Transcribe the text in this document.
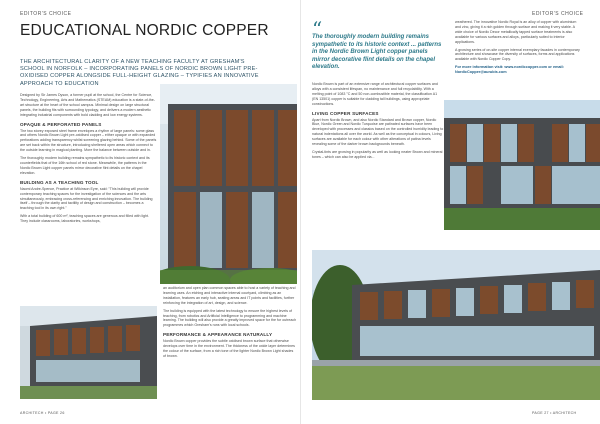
EDITOR'S CHOICE
EDUCATIONAL NORDIC COPPER
THE ARCHITECTURAL CLARITY OF A NEW TEACHING FACULTY AT GRESHAM'S SCHOOL IN NORFOLK – INCORPORATING PANELS OF NORDIC BROWN LIGHT PRE-OXIDISED COPPER ALONGSIDE FULL-HEIGHT GLAZING – TYPIFIES AN INNOVATIVE APPROACH TO EDUCATION
Designed by Sir James Dyson, a former pupil at the school, the Centre for Science, Technology, Engineering, Arts and Mathematics (STEAM) education is a state-of-the-art structure at the heart of the school campus. Minimal design on large structural panels, the building fits with surrounding typology, and delivers a modern aesthetic integrating industrial components with bold cladding and low energy systems.
OPAQUE & PERFORATED PANELS
The two storey exposed steel frame envelopes a rhythm of large panels: some glass and others Nordic Brown Light pre-oxidised copper – either opaque or with expanded perforations adding transparency whilst screening glazing behind. Some of the panels are set back within the structure, introducing sheltered open areas which connect to the outside learning in magical planting. More the balance between outside and in.
The thoroughly modern building remains sympathetic to its historic context and its counterfields that of the 16th school of red stone. Meanwhile, the patterns in the Nordic Brown Light copper panels mirror decorative flint details on the chapel elevation.
BUILDING AS A TEACHING TOOL
Naomi Andre-Spence, Practice at Wilkinson Eyre, said: "This building will provide contemporary teaching spaces for the investigation of the sciences and the arts simultaneously, embracing cross-referencing and enriching innovation. The building itself – through the clarity and tactility of design and construction – becomes a teaching tool in its own right."
With a total building of 600 m², teaching spaces are generous and filled with light. They include classrooms, laboratories, workshops,
an auditorium and open plan common spaces able to host a variety of teaching and learning uses. An etching and interactive internal courtyard, climbing as an installation, features an early hub, seating areas and IT points and facilities, further reinforcing the integration of art, design, and science.
The building is equipped with the latest technology to ensure the highest levels of teaching, from robotics and Artificial Intelligence to programming and machine learning. The building will also provide a greatly improved space for the for outreach programmes which Gresham's runs with local schools.
PERFORMANCE & APPEARANCE NATURALLY
Nordic Brown copper provides the subtle oxidised brown surface that otherwise develops over time in the environment. The thickness of the oxide layer determines the colour of the surface, from a rich tone of the lighter Nordic Brown Light shades of brown.
ARCHITECH • PAGE 26
EDITOR'S CHOICE
“
The thoroughly modern building remains sympathetic to its historic context ... patterns in the Nordic Brown Light copper panels mirror decorative flint details on the chapel elevation.
Nordic Brown is part of an extensive range of architectural copper surfaces and alloys with a consistent lifespan, no maintenance and full recyclability. With a melting point of 1083 °C and 50 non-combustible material, the classification A1 (EN 13501) copper is suitable for cladding tall buildings, using appropriate constructions.
LIVING COPPER SURFACES
Apart from Nordic Brown, and also Nordic Standard and Brown copper, Nordic Blue, Nordic Green and Nordic Turquoise are patinated surfaces have been developed with processes and classics based on the controlled humidity leading to natural indentations all over the world. As well as the conceptual in colours, Living surfaces are available for each colour with other alterations of patina levels revealing some of the darker brown backgrounds beneath.
Crystal-tints are growing in popularity as well as looking neater Brown and mineral tones – which can also be applied via...
weathered. The innovative Nordic Royal is an alloy of copper with aluminium and zinc, giving it a rich golden through surface and making it very stable. A wide choice of Nordic Decor metallically tapped surface treatments is also available for various surfaces and alloys, particularly suited to interior applications.
A growing series of on-site copper internal exemplary facades in contemporary architecture and showcase the diversity of surfaces, forms and applications available with Nordic Copper Copy.
For more information visit: www.nordiccopper.com or email:
NordicCopper@aurubis.com
PAGE 27 • ARCHITECH
